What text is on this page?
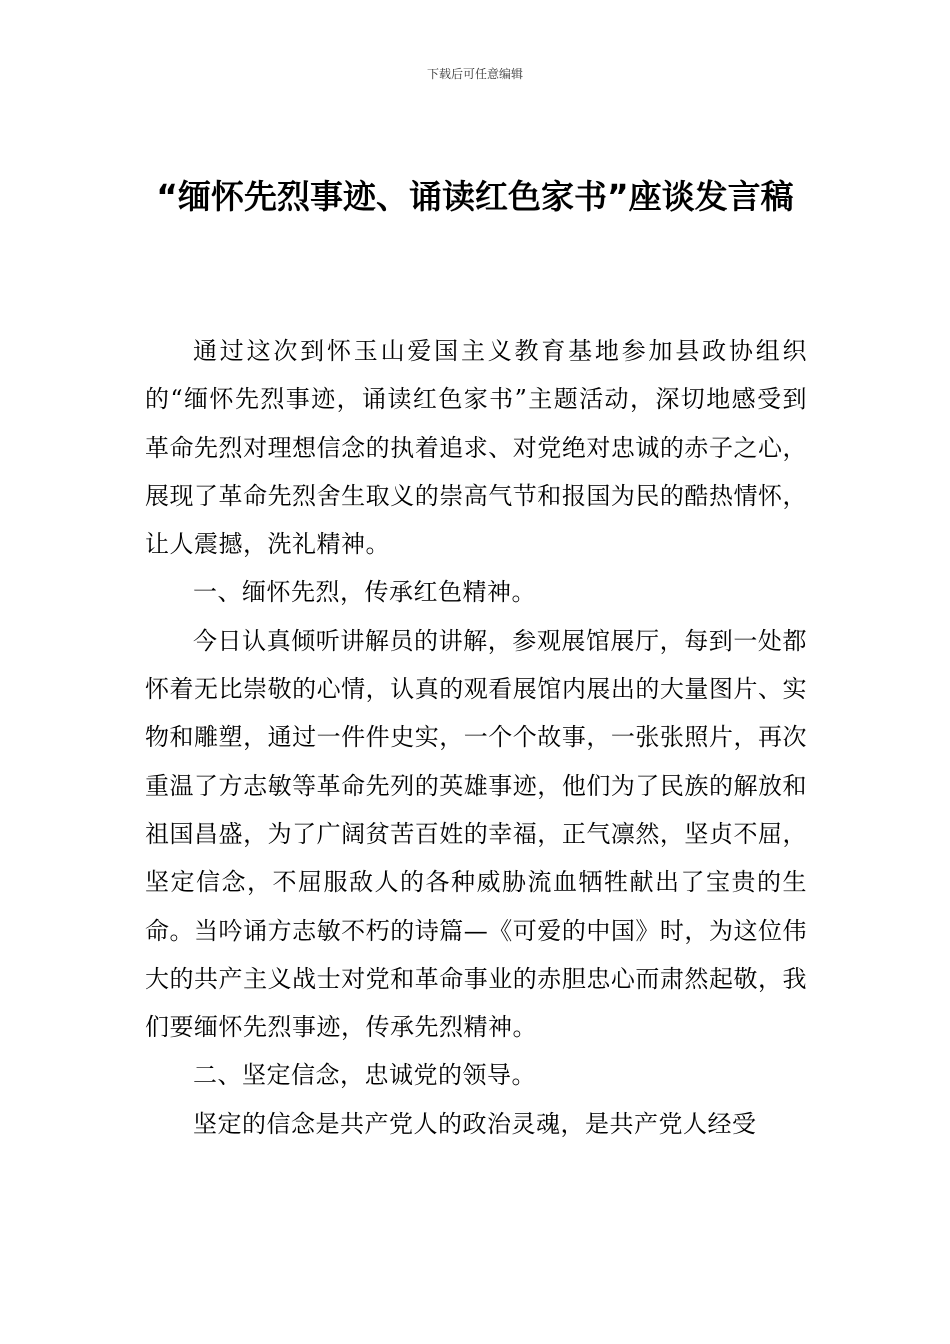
下载后可任意编辑
“缅怀先烈事迹、诵读红色家书”座谈发言稿

通过这次到怀玉山爱国主义教育基地参加县政协组织的“缅怀先烈事迹，诵读红色家书”主题活动，深切地感受到革命先烈对理想信念的执着追求、对党绝对忠诚的赤子之心，展现了革命先烈舍生取义的崇高气节和报国为民的酷热情怀，让人震撼，洗礼精神。

一、缅怀先烈，传承红色精神。

今日认真倾听讲解员的讲解，参观展馆展厅，每到一处都怀着无比崇敬的心情，认真的观看展馆内展出的大量图片、实物和雕塑，通过一件件史实，一个个故事，一张张照片，再次重温了方志敏等革命先列的英雄事迹，他们为了民族的解放和祖国昌盛，为了广阔贫苦百姓的幸福，正气凛然，坚贞不屈，坚定信念，不屈服敌人的各种威胁流血牺牲献出了宝贵的生命。当吟诵方志敏不朽的诗篇—《可爱的中国》时，为这位伟大的共产主义战士对党和革命事业的赤胆忠心而肃然起敬，我们要缅怀先烈事迹，传承先烈精神。

二、坚定信念，忠诚党的领导。

坚定的信念是共产党人的政治灵魂，是共产党人经受
